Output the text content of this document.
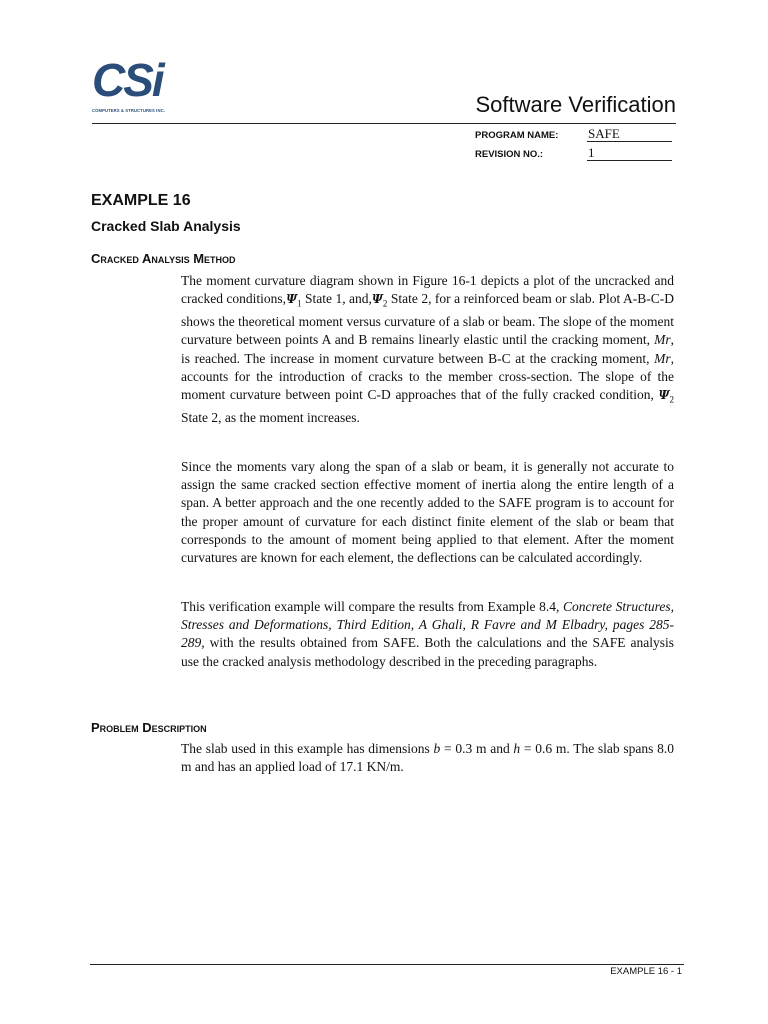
CSi
COMPUTERS & STRUCTURES INC.	Software Verification
PROGRAM NAME: SAFE
REVISION NO.:	1
EXAMPLE 16
Cracked Slab Analysis
Cracked Analysis Method

The moment curvature diagram shown in Figure 16-1 depicts a plot of the uncracked and cracked $conditions,\Psi_1$ State 1, $and,\Psi_2$ State 2, for a reinforced beam or slab. Plot A-B-C-D shows the theoretical moment versus curvature of a slab or beam. The slope of the moment curvature between points A and B remains linearly elastic until the cracking moment, Mr, is reached. The increase in moment curvature between B-C at the cracking moment, Mr, accounts for the introduction of cracks to the member cross-section. The slope of the moment curvature between point C-D approaches that of the fully cracked condition, $\Psi_2$ State 2, as the moment increases.

Since the moments vary along the span of a slab or beam, it is generally not accurate to assign the same cracked section effective moment of inertia along the entire length of a span. A better approach and the one recently added to the SAFE program is to account for the proper amount of curvature for each distinct finite element of the slab or beam that corresponds to the amount of moment being applied to that element. After the moment curvatures are known for each element, the deflections can be calculated accordingly.

This verification example will compare the results from Example 8.4, Concrete Structures, Stresses and Deformations, Third Edition, A Ghali, R Favre and M Elbadry, pages 285-289, with the results obtained from SAFE. Both the calculations and the SAFE analysis use the cracked analysis methodology described in the preceding paragraphs.

Problem Description

The slab used in this example has dimensions b = 0.3 m and h = 0.6 m. The slab spans 8.0 m and has an applied load of 17.1 KN/m.

EXAMPLE 16 - 1
